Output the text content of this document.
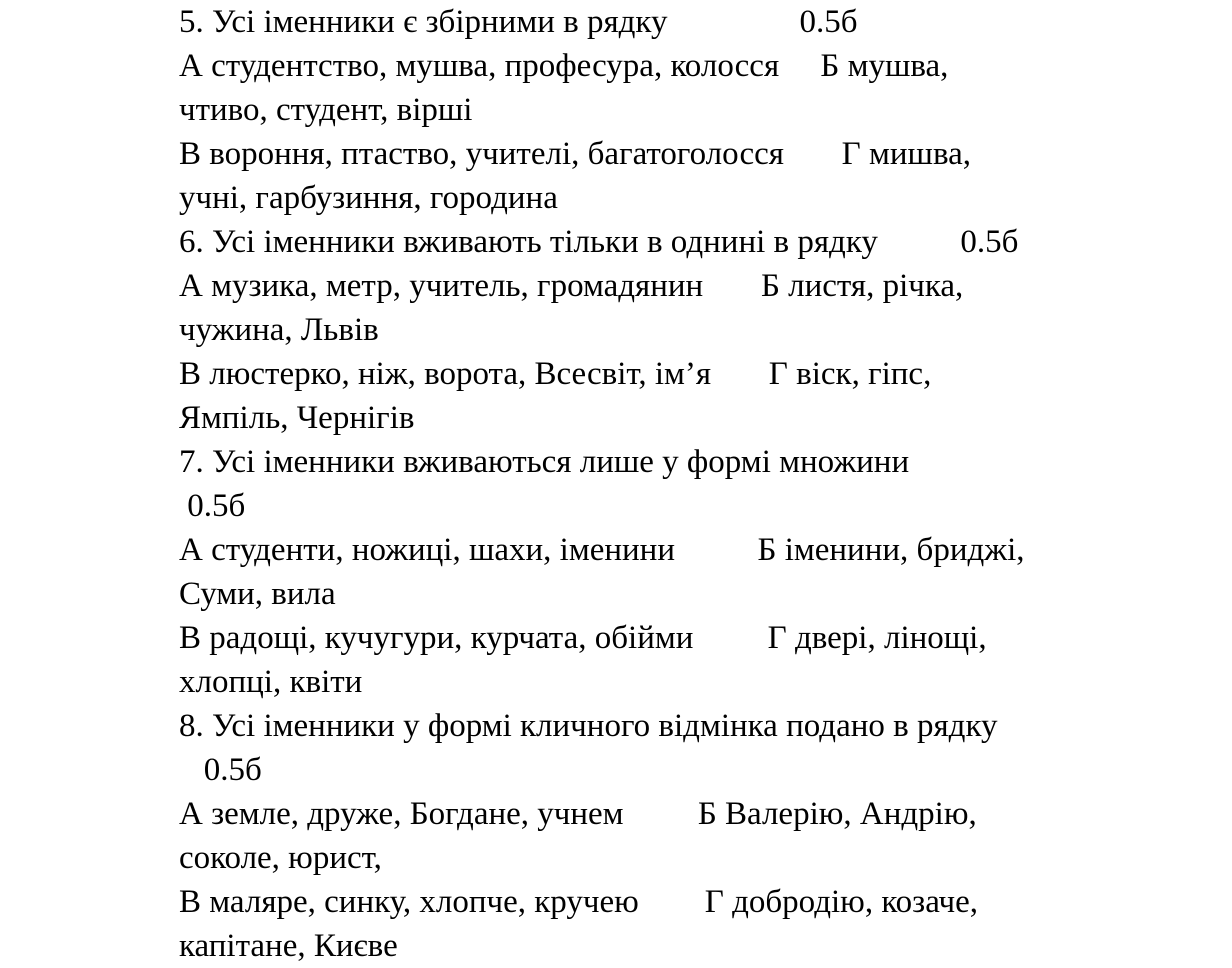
5. Усі іменники є збірними в рядку                0.5б
А студентство, мушва, професура, колосся     Б мушва,
чтиво, студент, вірші
В вороння, птаство, учителі, багатоголосся       Г мишва,
учні, гарбузиння, городина
6. Усі іменники вживають тільки в однині в рядку          0.5б
А музика, метр, учитель, громадянин       Б листя, річка,
чужина, Львів
В люстерко, ніж, ворота, Всесвіт, ім’я       Г віск, гіпс,
Ямпіль, Чернігів
7. Усі іменники вживаються лише у формі множини
0.5б
А студенти, ножиці, шахи, іменини          Б іменини, бриджі,
Суми, вила
В радощі, кучугури, курчата, обійми         Г двері, лінощі,
хлопці, квіти
8. Усі іменники у формі кличного відмінка подано в рядку
0.5б
А земле, друже, Богдане, учнем         Б Валерію, Андрію,
соколе, юрист,
В маляре, синку, хлопче, кручею        Г добродію, козаче,
капітане, Києве
